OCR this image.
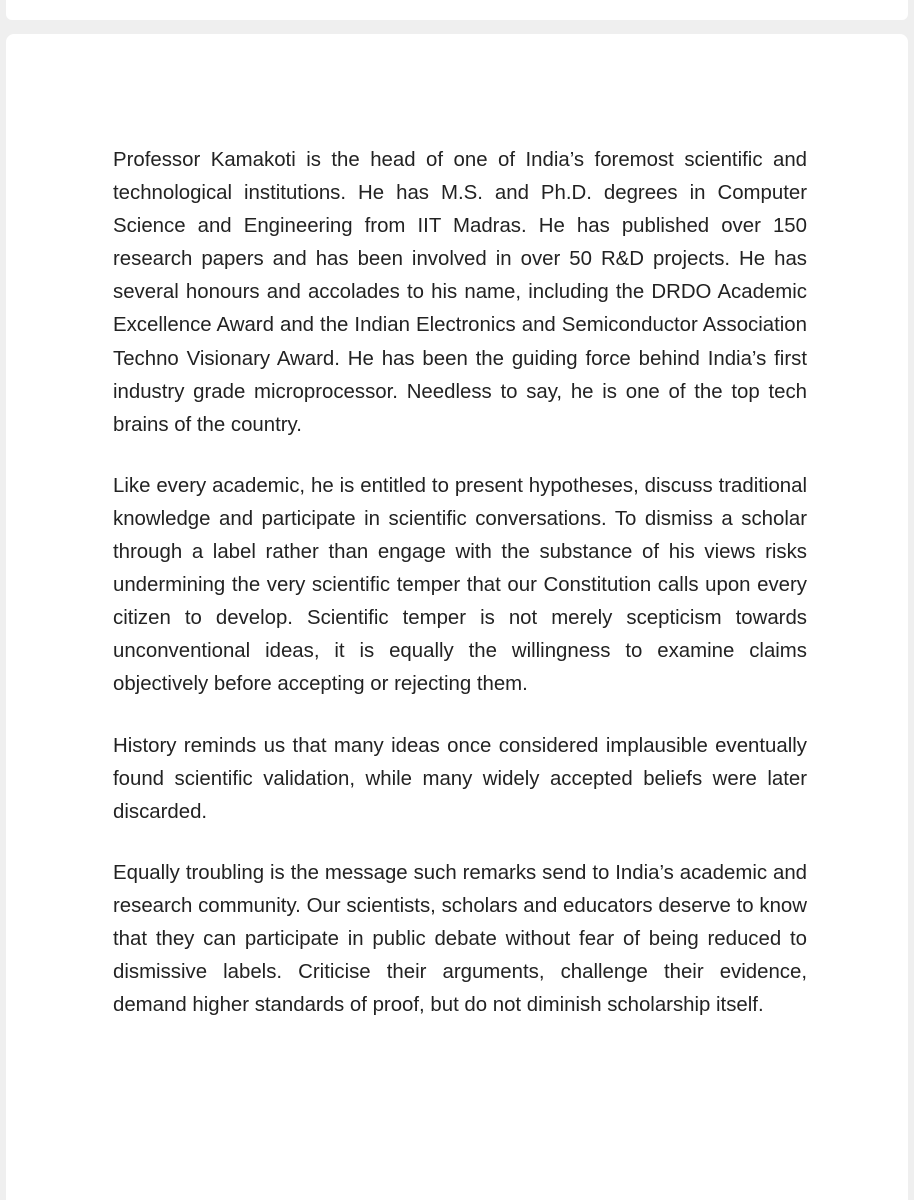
Professor Kamakoti is the head of one of India’s foremost scientific and technological institutions. He has M.S. and Ph.D. degrees in Computer Science and Engineering from IIT Madras. He has published over 150 research papers and has been involved in over 50 R&D projects. He has several honours and accolades to his name, including the DRDO Academic Excellence Award and the Indian Electronics and Semiconductor Association Techno Visionary Award. He has been the guiding force behind India’s first industry grade microprocessor. Needless to say, he is one of the top tech brains of the country.

Like every academic, he is entitled to present hypotheses, discuss traditional knowledge and participate in scientific conversations. To dismiss a scholar through a label rather than engage with the substance of his views risks undermining the very scientific temper that our Constitution calls upon every citizen to develop. Scientific temper is not merely scepticism towards unconventional ideas, it is equally the willingness to examine claims objectively before accepting or rejecting them.

History reminds us that many ideas once considered implausible eventually found scientific validation, while many widely accepted beliefs were later discarded.

Equally troubling is the message such remarks send to India’s academic and research community. Our scientists, scholars and educators deserve to know that they can participate in public debate without fear of being reduced to dismissive labels. Criticise their arguments, challenge their evidence, demand higher standards of proof, but do not diminish scholarship itself.
